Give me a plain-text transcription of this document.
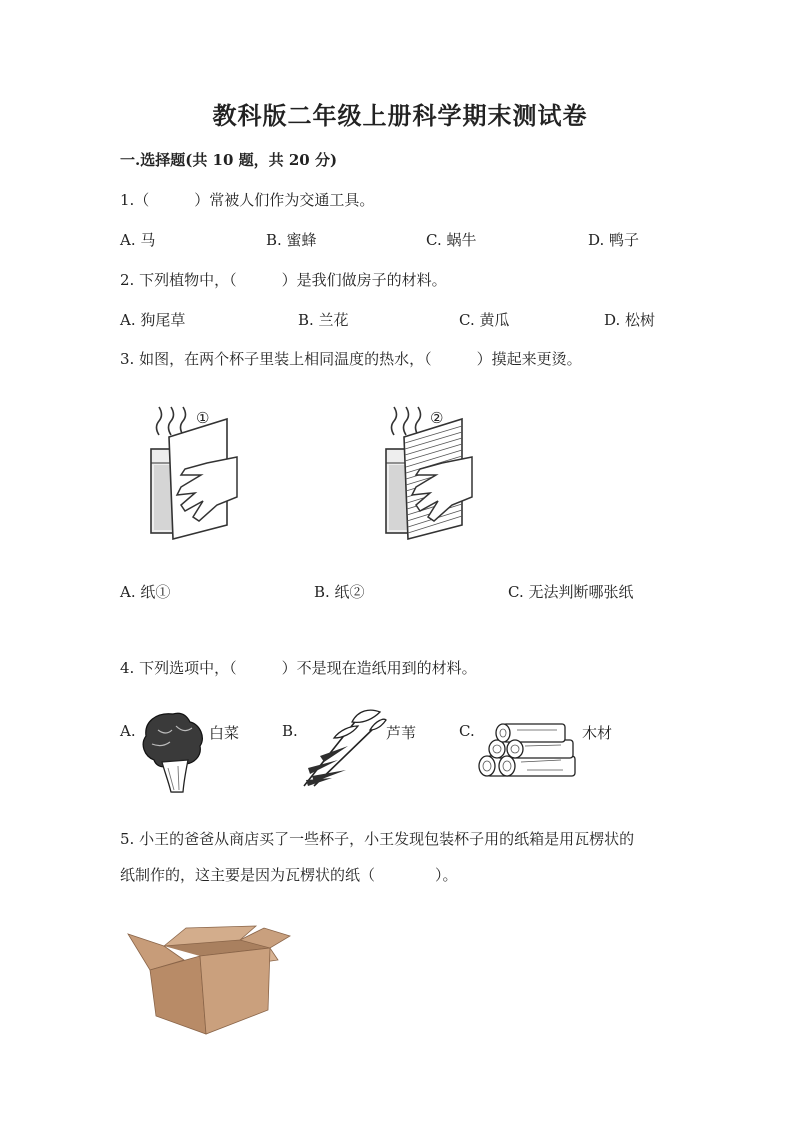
教科版二年级上册科学期末测试卷
一.选择题(共 10 题，共 20 分)
1.（　　　）常被人们作为交通工具。
A. 马	B. 蜜蜂	C. 蜗牛	D. 鸭子
2. 下列植物中，（　　　）是我们做房子的材料。
A. 狗尾草	B. 兰花	C. 黄瓜	D. 松树
3. 如图，在两个杯子里装上相同温度的热水，（　　　）摸起来更烫。
①	②
A. 纸①	B. 纸②	C. 无法判断哪张纸
4. 下列选项中，（　　　）不是现在造纸用到的材料。
A.	白菜	B.	芦苇	C.	木材
5. 小王的爸爸从商店买了一些杯子，小王发现包装杯子用的纸箱是用瓦楞状的
纸制作的，这主要是因为瓦楞状的纸（　　　　）。
